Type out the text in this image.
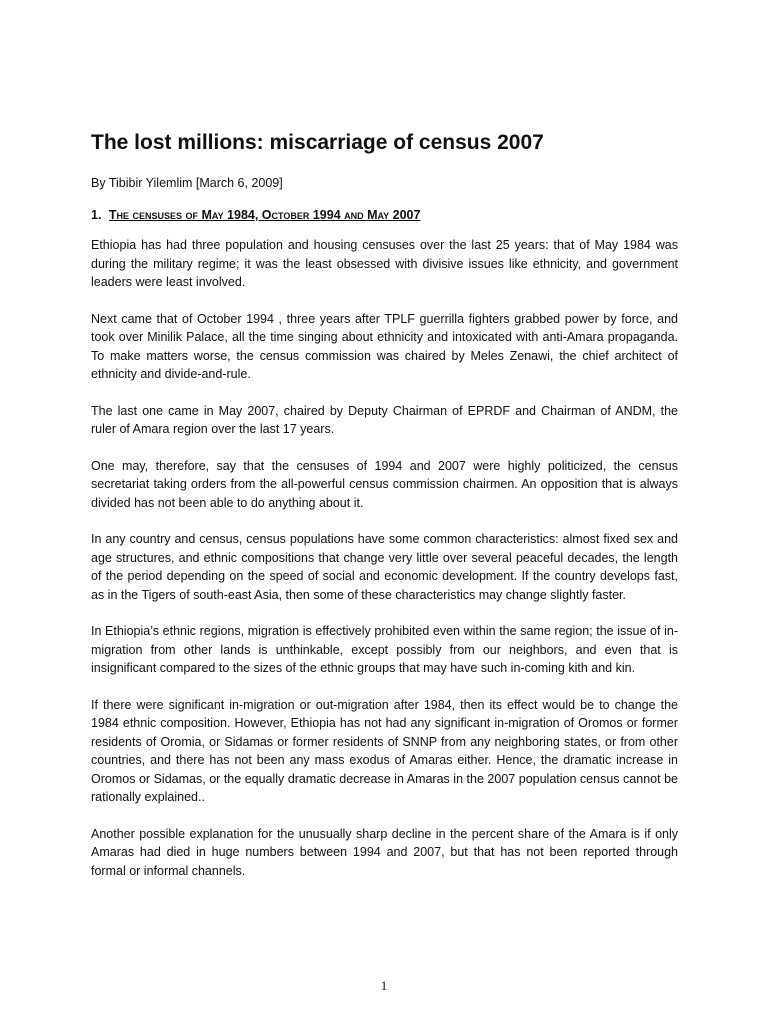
The lost millions: miscarriage of census 2007
By Tibibir Yilemlim [March 6, 2009]
1. The censuses of May 1984, October 1994 and May 2007

Ethiopia has had three population and housing censuses over the last 25 years: that of May 1984 was during the military regime; it was the least obsessed with divisive issues like ethnicity, and government leaders were least involved.

Next came that of October 1994 , three years after TPLF guerrilla fighters grabbed power by force, and took over Minilik Palace, all the time singing about ethnicity and intoxicated with anti-Amara propaganda. To make matters worse, the census commission was chaired by Meles Zenawi, the chief architect of ethnicity and divide-and-rule.

The last one came in May 2007, chaired by Deputy Chairman of EPRDF and Chairman of ANDM, the ruler of Amara region over the last 17 years.

One may, therefore, say that the censuses of 1994 and 2007 were highly politicized, the census secretariat taking orders from the all-powerful census commission chairmen. An opposition that is always divided has not been able to do anything about it.

In any country and census, census populations have some common characteristics: almost fixed sex and age structures, and ethnic compositions that change very little over several peaceful decades, the length of the period depending on the speed of social and economic development. If the country develops fast, as in the Tigers of south-east Asia, then some of these characteristics may change slightly faster.

In Ethiopia’s ethnic regions, migration is effectively prohibited even within the same region; the issue of in-migration from other lands is unthinkable, except possibly from our neighbors, and even that is insignificant compared to the sizes of the ethnic groups that may have such in-coming kith and kin.

If there were significant in-migration or out-migration after 1984, then its effect would be to change the 1984 ethnic composition. However, Ethiopia has not had any significant in-migration of Oromos or former residents of Oromia, or Sidamas or former residents of SNNP from any neighboring states, or from other countries, and there has not been any mass exodus of Amaras either. Hence, the dramatic increase in Oromos or Sidamas, or the equally dramatic decrease in Amaras in the 2007 population census cannot be rationally explained..

Another possible explanation for the unusually sharp decline in the percent share of the Amara is if only Amaras had died in huge numbers between 1994 and 2007, but that has not been reported through formal or informal channels.

1
